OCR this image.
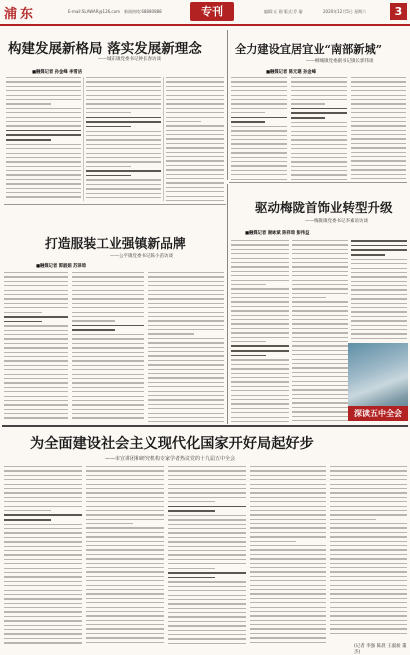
浦东	E-mail:SLAWAR@126.com 新闻热线:68880888	专刊	编辑:丘 勋 版式:乔 瑜	2020年12月5日 星期六	3
构建发展新格局 落实发展新理念
——城东镇党委书记钟长春访谈
■融媒记者 孙金峰 李雪洁
全力建设宜居宜业“南部新城”
——柳城镇党委副书记镇长郭伟谈
■融媒记者 陈元建 孙金峰
驱动梅陇首饰业转型升级
——梅陇镇党委书记李素谊访谈
■融媒记者 谢咏斌 陈祥琼 彭伟益
打造服装工业强镇新品牌
——公平镇党委书记陈小苗访谈
■融媒记者 郭淑娟 苏泽琼
深读五中全会
为全面建设社会主义现代化国家开好局起好步
——市宣讲团和研究机构专家学者热议党的十九届五中全会
(记者 李强 陈晨 王淑昶 董杰)
